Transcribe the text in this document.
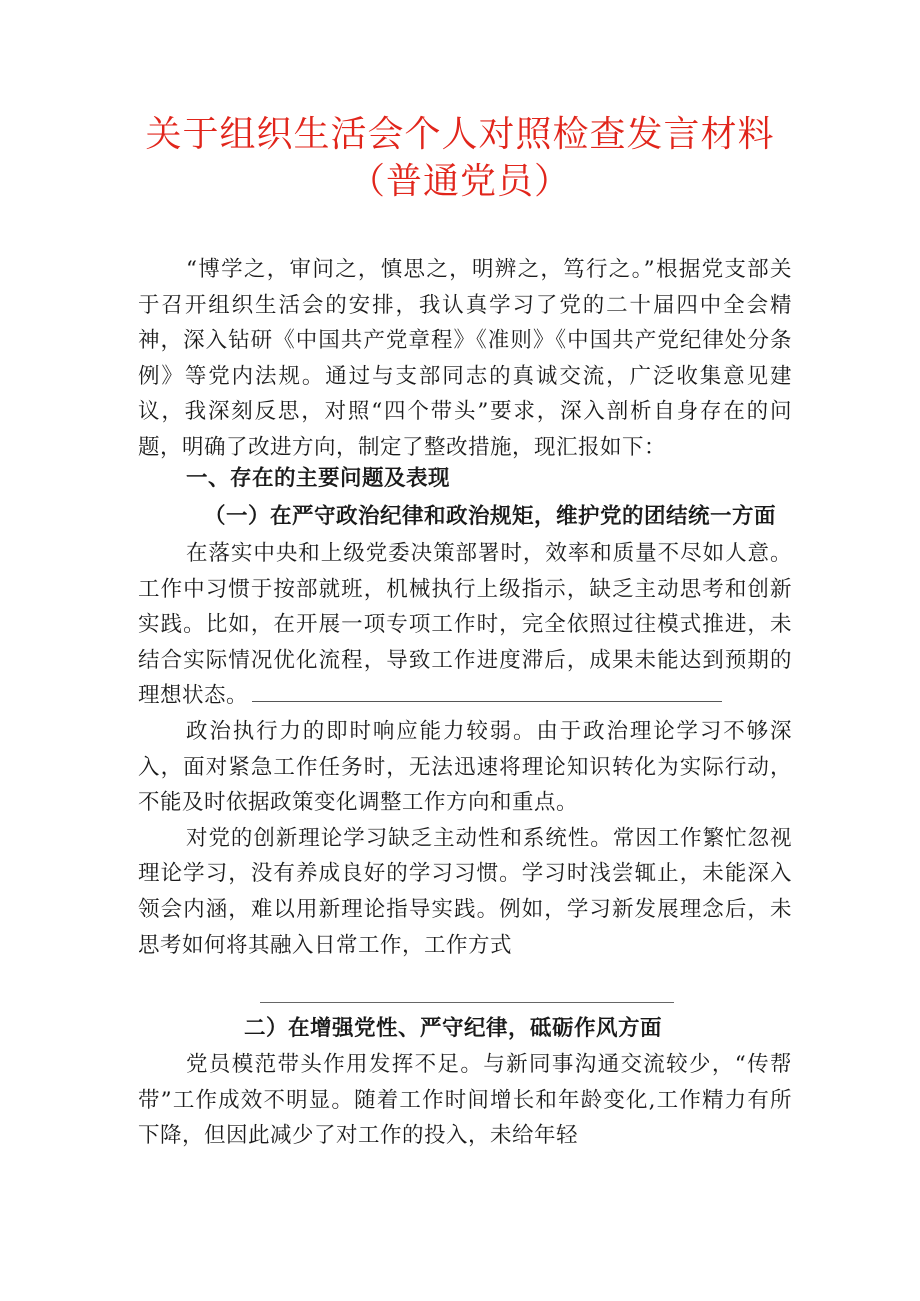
关于组织生活会个人对照检查发言材料
（普通党员）

“博学之，审问之，慎思之，明辨之，笃行之。”根据党支部关于召开组织生活会的安排，我认真学习了党的二十届四中全会精神，深入钻研《中国共产党章程》《准则》《中国共产党纪律处分条例》等党内法规。通过与支部同志的真诚交流，广泛收集意见建议，我深刻反思，对照“四个带头”要求，深入剖析自身存在的问题，明确了改进方向，制定了整改措施，现汇报如下：

一、存在的主要问题及表现
（一）在严守政治纪律和政治规矩，维护党的团结统一方面

在落实中央和上级党委决策部署时，效率和质量不尽如人意。工作中习惯于按部就班，机械执行上级指示，缺乏主动思考和创新实践。比如，在开展一项专项工作时，完全依照过往模式推进，未结合实际情况优化流程，导致工作进度滞后，成果未能达到预期的理想状态。

政治执行力的即时响应能力较弱。由于政治理论学习不够深入，面对紧急工作任务时，无法迅速将理论知识转化为实际行动，不能及时依据政策变化调整工作方向和重点。

对党的创新理论学习缺乏主动性和系统性。常因工作繁忙忽视理论学习，没有养成良好的学习习惯。学习时浅尝辄止，未能深入领会内涵，难以用新理论指导实践。例如，学习新发展理念后，未思考如何将其融入日常工作，工作方式

二）在增强党性、严守纪律，砥砺作风方面

党员模范带头作用发挥不足。与新同事沟通交流较少，“传帮带”工作成效不明显。随着工作时间增长和年龄变化,工作精力有所下降，但因此减少了对工作的投入，未给年轻
